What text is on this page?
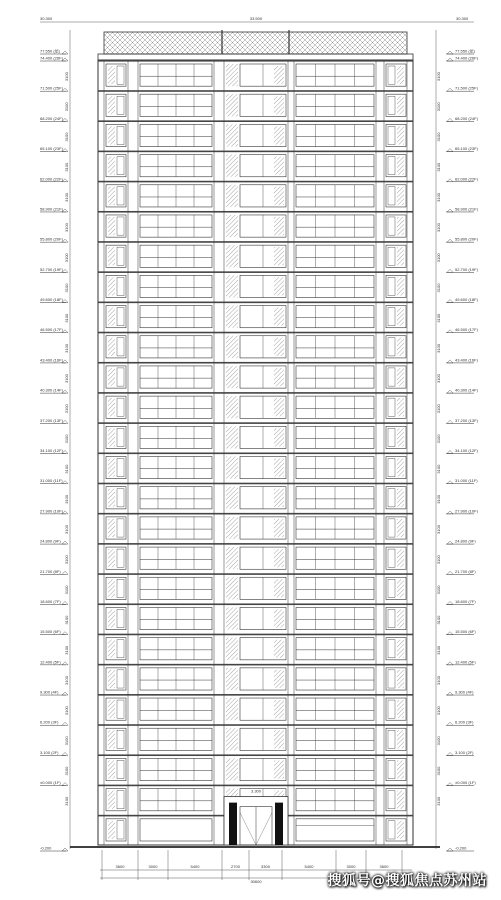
3.300
77.550 (屋)
74.400 (26F)
71.500 (25F)
68.200 (24F)
65.100 (23F)
62.000 (22F)
58.900 (21F)
55.800 (20F)
52.700 (19F)
49.600 (18F)
46.500 (17F)
43.400 (16F)
40.300 (14F)
37.200 (13F)
34.100 (12F)
31.000 (11F)
27.900 (10F)
24.800 (9F)
21.700 (8F)
18.600 (7F)
15.500 (6F)
12.400 (5F)
9.300 (4F)
6.200 (3F)
3.100 (2F)
±0.000 (1F)
-0.200
3100
3100
3100
3100
3100
3100
3100
3100
3100
3100
3100
3100
3100
3100
3100
3100
3100
3100
3100
3100
3100
3100
3100
3100
3100
77.550 (屋)
74.400 (26F)
71.500 (25F)
68.200 (24F)
65.100 (23F)
62.000 (22F)
58.900 (21F)
55.800 (20F)
52.700 (19F)
49.600 (18F)
46.500 (17F)
43.400 (16F)
40.300 (14F)
37.200 (13F)
34.100 (12F)
31.000 (11F)
27.900 (10F)
24.800 (9F)
21.700 (8F)
18.600 (7F)
15.500 (6F)
12.400 (5F)
9.300 (4F)
6.200 (3F)
3.100 (2F)
±0.000 (1F)
-0.200
3100
3100
3100
3100
3100
3100
3100
3100
3100
3100
3100
3100
3100
3100
3100
3100
3100
3100
3100
3100
3100
3100
3100
3100
3100
30.300	33.500	30.300
3600	3000	5400	2700	3300	5400	3000	3600
30600	搜狐号@搜狐焦点苏州站
